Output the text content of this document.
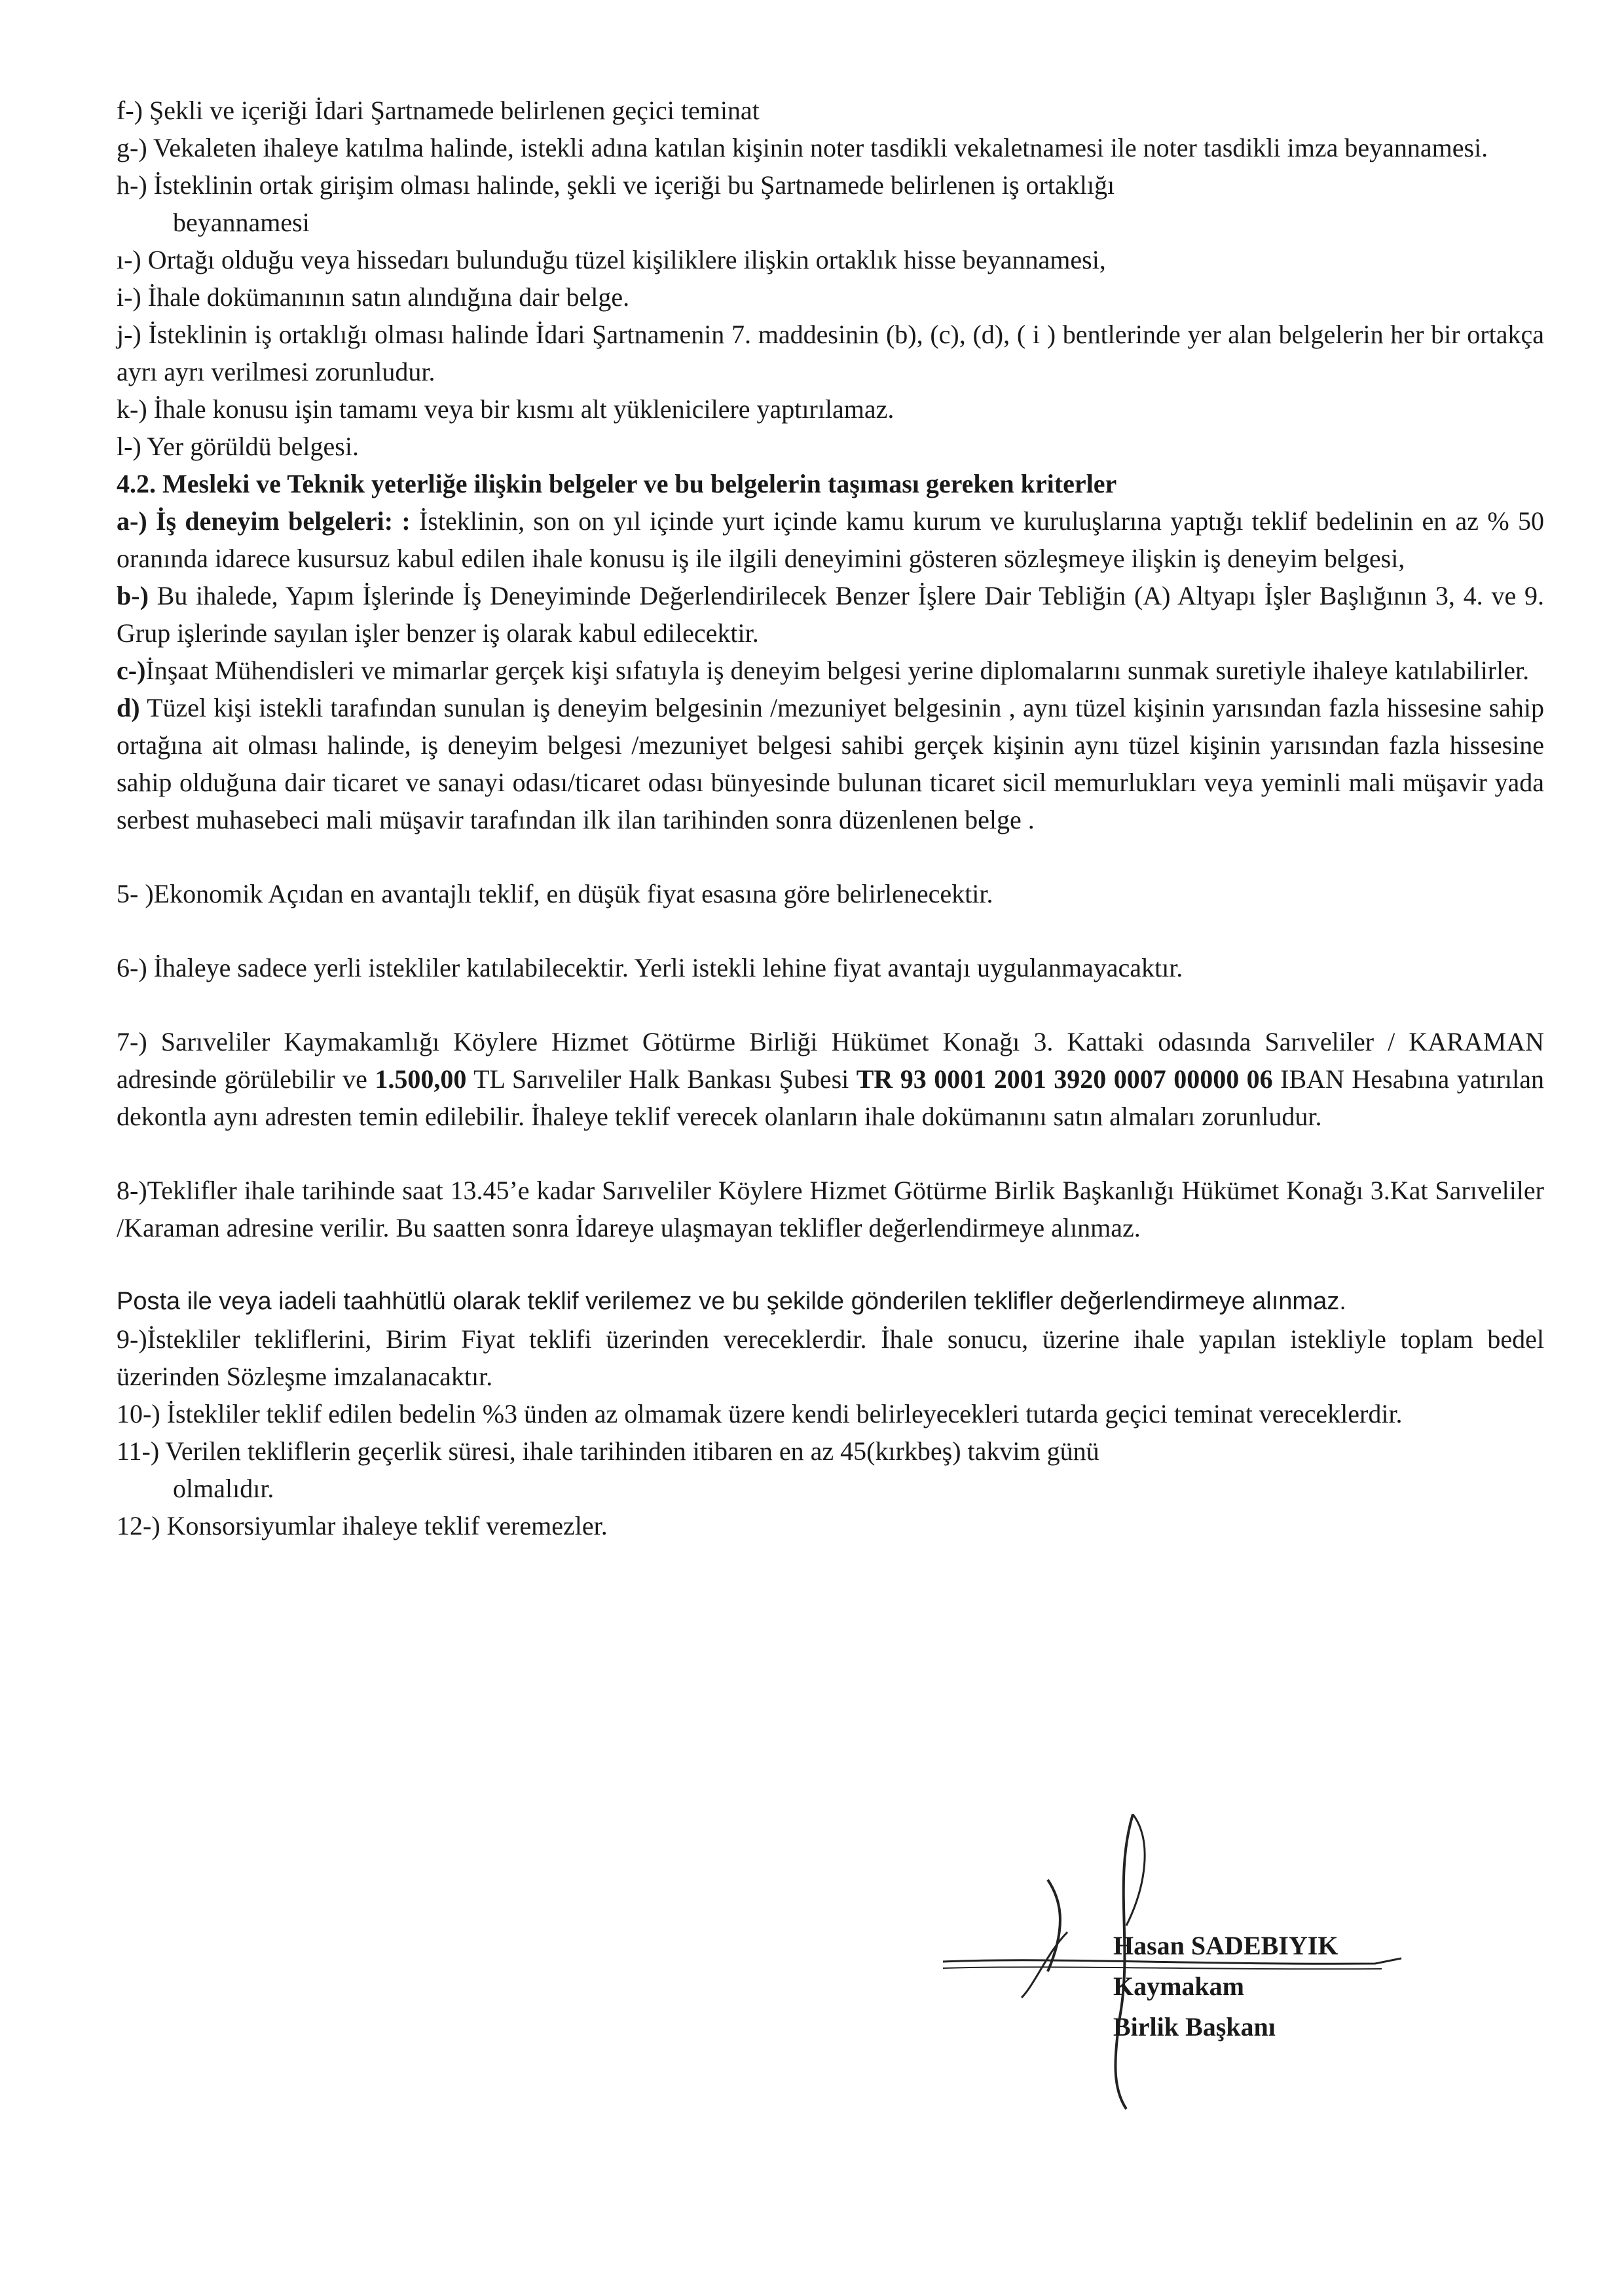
f-) Şekli ve içeriği İdari Şartnamede belirlenen geçici teminat

g-) Vekaleten ihaleye katılma halinde, istekli adına katılan kişinin noter tasdikli vekaletnamesi ile noter tasdikli imza beyannamesi.

h-) İsteklinin ortak girişim olması halinde, şekli ve içeriği bu Şartnamede belirlenen iş ortaklığı

beyannamesi

ı-) Ortağı olduğu veya hissedarı bulunduğu tüzel kişiliklere ilişkin ortaklık hisse beyannamesi,

i-) İhale dokümanının satın alındığına dair belge.

j-) İsteklinin iş ortaklığı olması halinde İdari Şartnamenin 7. maddesinin (b), (c), (d), ( i ) bentlerinde yer alan belgelerin her bir ortakça ayrı ayrı verilmesi zorunludur.

k-) İhale konusu işin tamamı veya bir kısmı alt yüklenicilere yaptırılamaz.

l-) Yer görüldü belgesi.

4.2. Mesleki ve Teknik yeterliğe ilişkin belgeler ve bu belgelerin taşıması gereken kriterler

a-) İş deneyim belgeleri: : İsteklinin, son on yıl içinde yurt içinde kamu kurum ve kuruluşlarına yaptığı teklif bedelinin en az % 50 oranında idarece kusursuz kabul edilen ihale konusu iş ile ilgili deneyimini gösteren sözleşmeye ilişkin iş deneyim belgesi,

b-) Bu ihalede, Yapım İşlerinde İş Deneyiminde Değerlendirilecek Benzer İşlere Dair Tebliğin (A) Altyapı İşler Başlığının 3, 4. ve 9. Grup işlerinde sayılan işler benzer iş olarak kabul edilecektir.

c-)İnşaat Mühendisleri ve mimarlar gerçek kişi sıfatıyla iş deneyim belgesi yerine diplomalarını sunmak suretiyle ihaleye katılabilirler.

d) Tüzel kişi istekli tarafından sunulan iş deneyim belgesinin /mezuniyet belgesinin , aynı tüzel kişinin yarısından fazla hissesine sahip ortağına ait olması halinde, iş deneyim belgesi /mezuniyet belgesi sahibi gerçek kişinin aynı tüzel kişinin yarısından fazla hissesine sahip olduğuna dair ticaret ve sanayi odası/ticaret odası bünyesinde bulunan ticaret sicil memurlukları veya yeminli mali müşavir yada serbest muhasebeci mali müşavir tarafından ilk ilan tarihinden sonra düzenlenen belge .

5- )Ekonomik Açıdan en avantajlı teklif, en düşük fiyat esasına göre belirlenecektir.

6-) İhaleye sadece yerli istekliler katılabilecektir. Yerli istekli lehine fiyat avantajı uygulanmayacaktır.

7-) Sarıveliler Kaymakamlığı Köylere Hizmet Götürme Birliği Hükümet Konağı 3. Kattaki odasında Sarıveliler / KARAMAN adresinde görülebilir ve 1.500,00 TL Sarıveliler Halk Bankası Şubesi TR 93 0001 2001 3920 0007 00000 06 IBAN Hesabına yatırılan dekontla aynı adresten temin edilebilir. İhaleye teklif verecek olanların ihale dokümanını satın almaları zorunludur.

8-)Teklifler ihale tarihinde saat 13.45’e kadar Sarıveliler Köylere Hizmet Götürme Birlik Başkanlığı Hükümet Konağı 3.Kat Sarıveliler /Karaman adresine verilir. Bu saatten sonra İdareye ulaşmayan teklifler değerlendirmeye alınmaz.

Posta ile veya iadeli taahhütlü olarak teklif verilemez ve bu şekilde gönderilen teklifler değerlendirmeye alınmaz.

9-)İstekliler tekliflerini, Birim Fiyat teklifi üzerinden vereceklerdir. İhale sonucu, üzerine ihale yapılan istekliyle toplam bedel üzerinden Sözleşme imzalanacaktır.

10-) İstekliler teklif edilen bedelin %3 ünden az olmamak üzere kendi belirleyecekleri tutarda geçici teminat vereceklerdir.

11-) Verilen tekliflerin geçerlik süresi, ihale tarihinden itibaren en az 45(kırkbeş) takvim günü

olmalıdır.

12-) Konsorsiyumlar ihaleye teklif veremezler.

Hasan SADEBIYIK
Kaymakam
Birlik Başkanı
